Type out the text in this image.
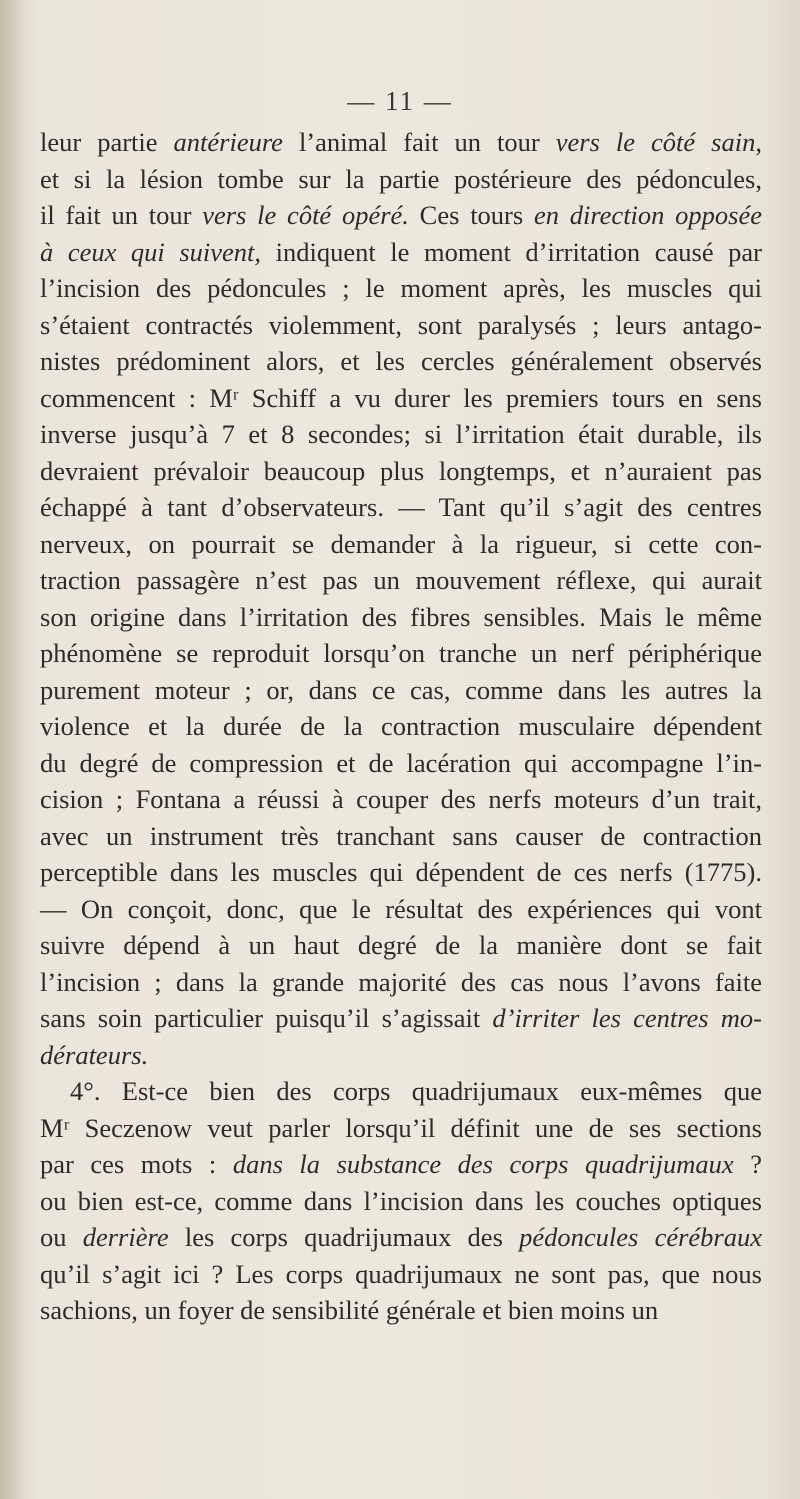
— 11 —
leur partie antérieure l’animal fait un tour vers le côté sain,
et si la lésion tombe sur la partie postérieure des pédoncules,
il fait un tour vers le côté opéré. Ces tours en direction opposée
à ceux qui suivent, indiquent le moment d’irritation causé par
l’incision des pédoncules ; le moment après, les muscles qui
s’étaient contractés violemment, sont paralysés ; leurs antago-
nistes prédominent alors, et les cercles généralement observés
commencent : Mʳ Schiff a vu durer les premiers tours en sens
inverse jusqu’à 7 et 8 secondes; si l’irritation était durable, ils
devraient prévaloir beaucoup plus longtemps, et n’auraient pas
échappé à tant d’observateurs. — Tant qu’il s’agit des centres
nerveux, on pourrait se demander à la rigueur, si cette con-
traction passagère n’est pas un mouvement réflexe, qui aurait
son origine dans l’irritation des fibres sensibles. Mais le même
phénomène se reproduit lorsqu’on tranche un nerf périphérique
purement moteur ; or, dans ce cas, comme dans les autres la
violence et la durée de la contraction musculaire dépendent
du degré de compression et de lacération qui accompagne l’in-
cision ; Fontana a réussi à couper des nerfs moteurs d’un trait,
avec un instrument très tranchant sans causer de contraction
perceptible dans les muscles qui dépendent de ces nerfs (1775).
— On conçoit, donc, que le résultat des expériences qui vont
suivre dépend à un haut degré de la manière dont se fait
l’incision ; dans la grande majorité des cas nous l’avons faite
sans soin particulier puisqu’il s’agissait d’irriter les centres mo-
dérateurs.
4°. Est-ce bien des corps quadrijumaux eux-mêmes que
Mʳ Seczenow veut parler lorsqu’il définit une de ses sections
par ces mots : dans la substance des corps quadrijumaux ?
ou bien est-ce, comme dans l’incision dans les couches optiques
ou derrière les corps quadrijumaux des pédoncules cérébraux
qu’il s’agit ici ? Les corps quadrijumaux ne sont pas, que nous
sachions, un foyer de sensibilité générale et bien moins un
